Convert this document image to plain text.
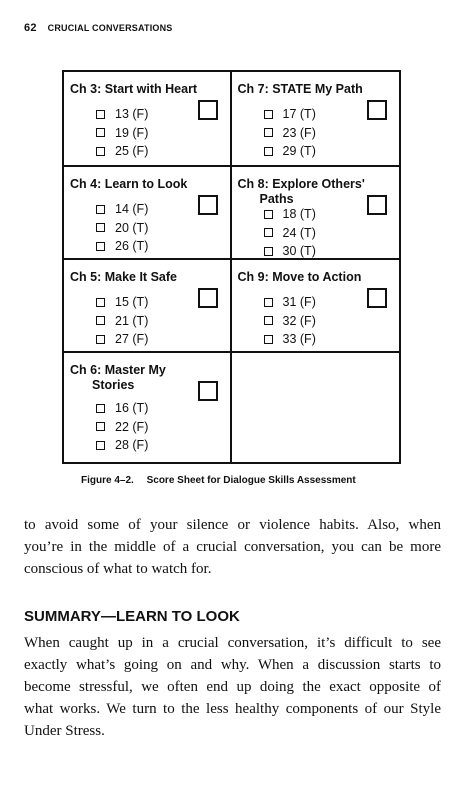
62 CRUCIAL CONVERSATIONS
Ch 3: Start with Heart
13
(F)
19
(F)
25
(F)
Ch 7: STATE My Path
17
(T)
23
(F)
29
(T)
Ch 4: Learn to Look
14
(F)
20
(T)
26
(T)
Ch 8: Explore Others'
Paths
18
(T)
24
(T)
30
(T)
Ch 5: Make It Safe
15
(T)
21
(T)
27
(F)
Ch 9: Move to Action
31
(F)
32
(F)
33
(F)
Ch 6: Master My
Stories
16
(T)
22
(F)
28
(F)
Figure 4–2. Score Sheet for Dialogue Skills Assessment

to avoid some of your silence or violence habits. Also, when
you’re in the middle of a crucial conversation, you can be more
conscious of what to watch for.

SUMMARY—LEARN TO LOOK

When caught up in a crucial conversation, it’s difficult to see
exactly what’s going on and why. When a discussion starts to
become stressful, we often end up doing the exact opposite of
what works. We turn to the less healthy components of our Style
Under Stress.
